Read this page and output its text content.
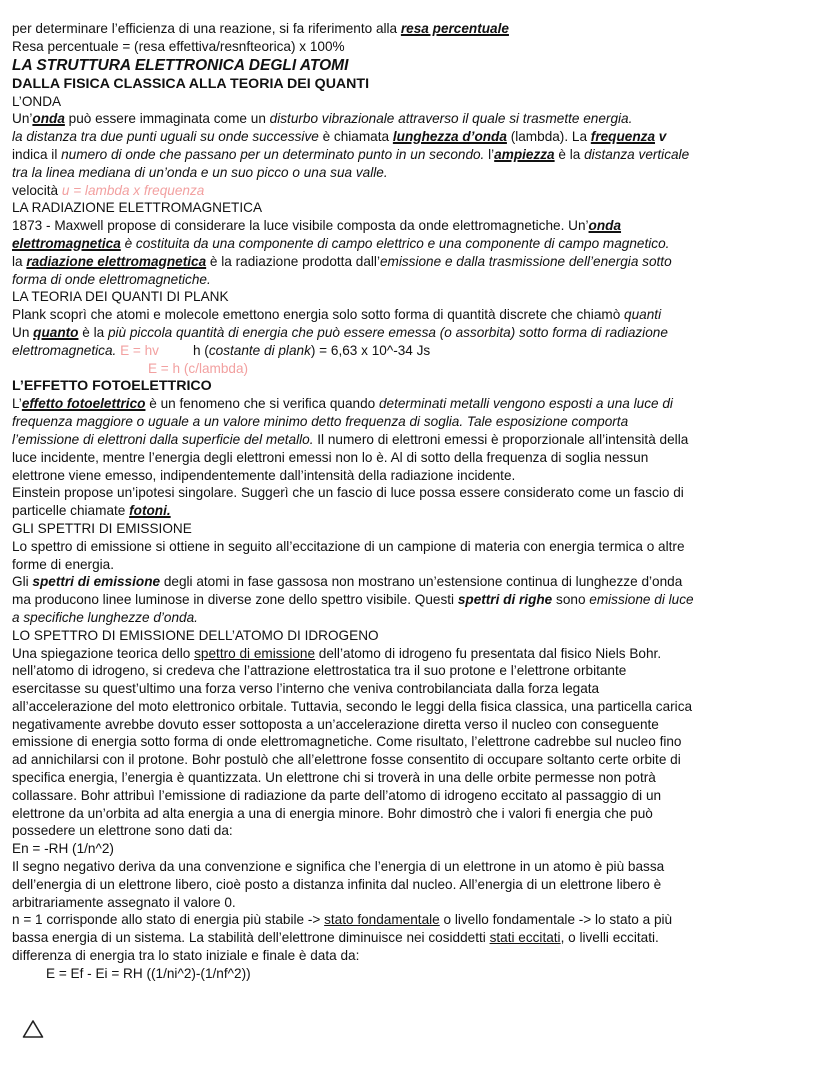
per determinare l’efficienza di una reazione, si fa riferimento alla resa percentuale
Resa percentuale = (resa effettiva/resnfteorica) x 100%
LA STRUTTURA ELETTRONICA DEGLI ATOMI
DALLA FISICA CLASSICA ALLA TEORIA DEI QUANTI
L’ONDA
Un’onda può essere immaginata come un disturbo vibrazionale attraverso il quale si trasmette energia.
la distanza tra due punti uguali su onde successive è chiamata lunghezza d’onda (lambda). La frequenza v
indica il numero di onde che passano per un determinato punto in un secondo. l’ampiezza è la distanza verticale
tra la linea mediana di un’onda e un suo picco o una sua valle.
velocità u = lambda x frequenza
LA RADIAZIONE ELETTROMAGNETICA
1873 - Maxwell propose di considerare la luce visibile composta da onde elettromagnetiche. Un’onda
elettromagnetica è costituita da una componente di campo elettrico e una componente di campo magnetico.
la radiazione elettromagnetica è la radiazione prodotta dall’emissione e dalla trasmissione dell’energia sotto
forma di onde elettromagnetiche.
LA TEORIA DEI QUANTI DI PLANK
Plank scoprì che atomi e molecole emettono energia solo sotto forma di quantità discrete che chiamò quanti
Un quanto è la più piccola quantità di energia che può essere emessa (o assorbita) sotto forma di radiazione
elettromagnetica. E = hv         h (costante di plank) = 6,63 x 10^-34 Js
E = h (c/lambda)
L’EFFETTO FOTOELETTRICO
L’effetto fotoelettrico è un fenomeno che si verifica quando determinati metalli vengono esposti a una luce di
frequenza maggiore o uguale a un valore minimo detto frequenza di soglia. Tale esposizione comporta
l’emissione di elettroni dalla superficie del metallo. Il numero di elettroni emessi è proporzionale all’intensità della
luce incidente, mentre l’energia degli elettroni emessi non lo è. Al di sotto della frequenza di soglia nessun
elettrone viene emesso, indipendentemente dall’intensità della radiazione incidente.
Einstein propose un’ipotesi singolare. Suggerì che un fascio di luce possa essere considerato come un fascio di
particelle chiamate fotoni.
GLI SPETTRI DI EMISSIONE
Lo spettro di emissione si ottiene in seguito all’eccitazione di un campione di materia con energia termica o altre
forme di energia.
Gli spettri di emissione degli atomi in fase gassosa non mostrano un’estensione continua di lunghezze d’onda
ma producono linee luminose in diverse zone dello spettro visibile. Questi spettri di righe sono emissione di luce
a specifiche lunghezze d’onda.
LO SPETTRO DI EMISSIONE DELL’ATOMO DI IDROGENO
Una spiegazione teorica dello spettro di emissione dell’atomo di idrogeno fu presentata dal fisico Niels Bohr.
nell’atomo di idrogeno, si credeva che l’attrazione elettrostatica tra il suo protone e l’elettrone orbitante
esercitasse su quest’ultimo una forza verso l’interno che veniva controbilanciata dalla forza legata
all’accelerazione del moto elettronico orbitale. Tuttavia, secondo le leggi della fisica classica, una particella carica
negativamente avrebbe dovuto esser sottoposta a un’accelerazione diretta verso il nucleo con conseguente
emissione di energia sotto forma di onde elettromagnetiche. Come risultato, l’elettrone cadrebbe sul nucleo fino
ad annichilarsi con il protone. Bohr postulò che all’elettrone fosse consentito di occupare soltanto certe orbite di
specifica energia, l’energia è quantizzata. Un elettrone chi si troverà in una delle orbite permesse non potrà
collassare. Bohr attribuì l’emissione di radiazione da parte dell’atomo di idrogeno eccitato al passaggio di un
elettrone da un’orbita ad alta energia a una di energia minore. Bohr dimostrò che i valori fi energia che può
possedere un elettrone sono dati da:
En = -RH (1/n^2)
Il segno negativo deriva da una convenzione e significa che l’energia di un elettrone in un atomo è più bassa
dell’energia di un elettrone libero, cioè posto a distanza infinita dal nucleo. All’energia di un elettrone libero è
arbitrariamente assegnato il valore 0.
n = 1 corrisponde allo stato di energia più stabile -> stato fondamentale o livello fondamentale -> lo stato a più
bassa energia di un sistema. La stabilità dell’elettrone diminuisce nei cosiddetti stati eccitati, o livelli eccitati.
differenza di energia tra lo stato iniziale e finale è data da:
E = Ef - Ei = RH ((1/ni^2)-(1/nf^2))
